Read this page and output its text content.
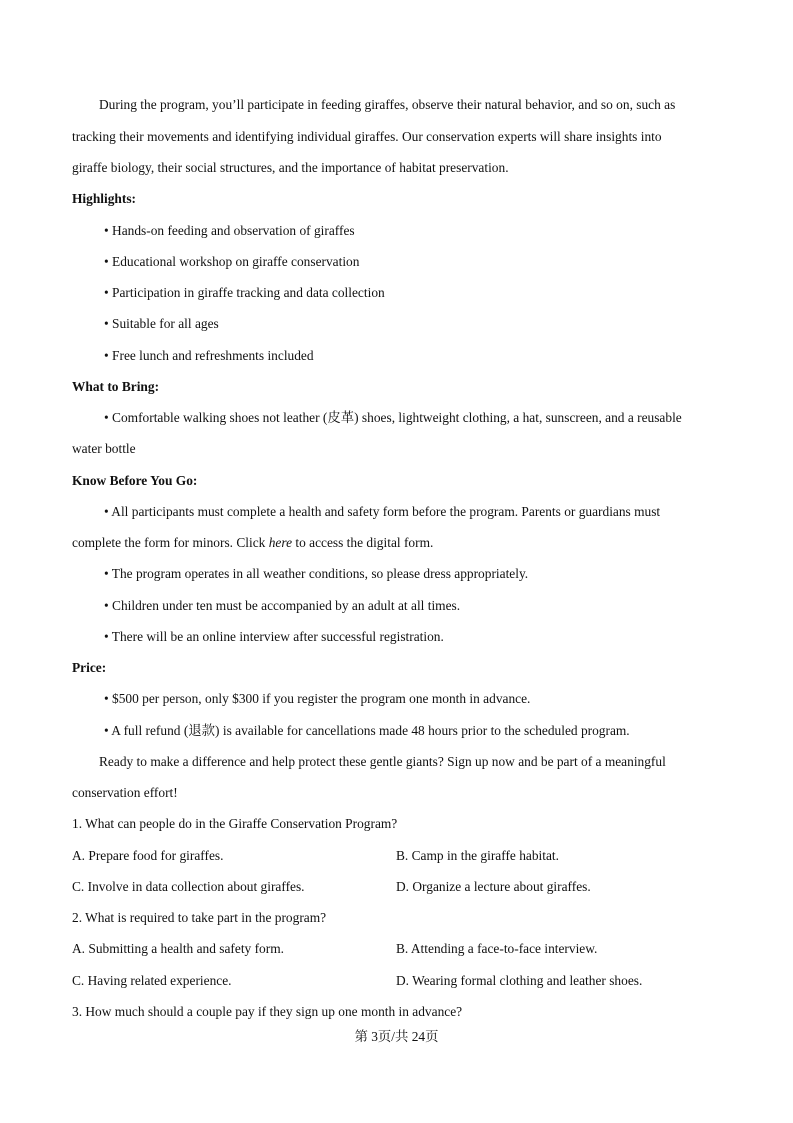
During the program, you’ll participate in feeding giraffes, observe their natural behavior, and so on, such as
tracking their movements and identifying individual giraffes. Our conservation experts will share insights into
giraffe biology, their social structures, and the importance of habitat preservation.
Highlights:
• Hands-on feeding and observation of giraffes
• Educational workshop on giraffe conservation
• Participation in giraffe tracking and data collection
• Suitable for all ages
• Free lunch and refreshments included
What to Bring:
• Comfortable walking shoes not leather (皮革) shoes, lightweight clothing, a hat, sunscreen, and a reusable
water bottle
Know Before You Go:
• All participants must complete a health and safety form before the program. Parents or guardians must
complete the form for minors. Click here to access the digital form.
• The program operates in all weather conditions, so please dress appropriately.
• Children under ten must be accompanied by an adult at all times.
• There will be an online interview after successful registration.
Price:
• $500 per person, only $300 if you register the program one month in advance.
• A full refund (退款) is available for cancellations made 48 hours prior to the scheduled program.
Ready to make a difference and help protect these gentle giants? Sign up now and be part of a meaningful
conservation effort!
1. What can people do in the Giraffe Conservation Program?
A. Prepare food for giraffes.	B. Camp in the giraffe habitat.
C. Involve in data collection about giraffes.	D. Organize a lecture about giraffes.
2. What is required to take part in the program?
A. Submitting a health and safety form.	B. Attending a face-to-face interview.
C. Having related experience.	D. Wearing formal clothing and leather shoes.
3. How much should a couple pay if they sign up one month in advance?
第 3页/共 24页
